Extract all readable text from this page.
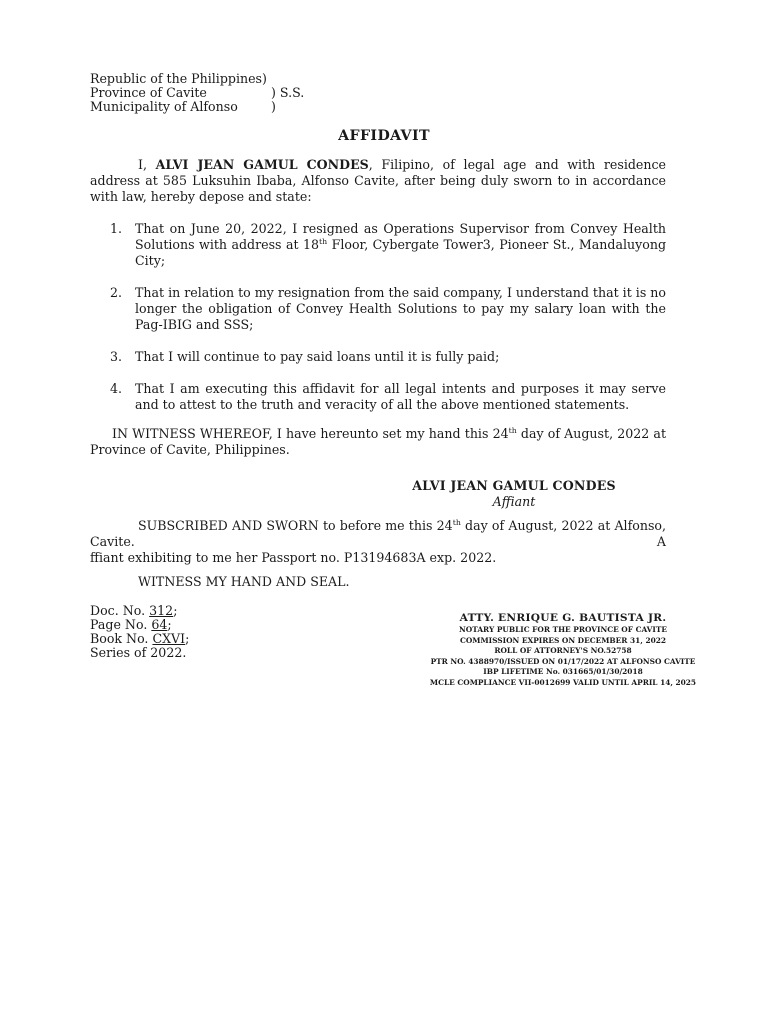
Republic of the Philippines)
Province of Cavite	) S.S.
Municipality of Alfonso	)
AFFIDAVIT

I, ALVI JEAN GAMUL CONDES, Filipino, of legal age and with residence address at 585 Luksuhin Ibaba, Alfonso Cavite, after being duly sworn to in accordance with law, hereby depose and state:

1.	That on June 20, 2022, I resigned as Operations Supervisor from Convey Health Solutions with address at 18th Floor, Cybergate Tower3, Pioneer St., Mandaluyong City;
2.	That in relation to my resignation from the said company, I understand that it is no longer the obligation of Convey Health Solutions to pay my salary loan with the Pag-IBIG and SSS;
3.	That I will continue to pay said loans until it is fully paid;
4.	That I am executing this affidavit for all legal intents and purposes it may serve and to attest to the truth and veracity of all the above mentioned statements.

IN WITNESS WHEREOF, I have hereunto set my hand this 24th day of August, 2022 at Province of Cavite, Philippines.

ALVI JEAN GAMUL CONDES
Affiant
SUBSCRIBED AND SWORN to before me this 24th day of August, 2022 at Alfonso, Cavite. A
ffiant exhibiting to me her Passport no. P13194683A exp. 2022.
WITNESS MY HAND AND SEAL.
Doc. No. 312;
Page No. 64;
Book No. CXVI;
Series of 2022.
ATTY. ENRIQUE G. BAUTISTA JR.
NOTARY PUBLIC FOR THE PROVINCE OF CAVITE
COMMISSION EXPIRES ON DECEMBER 31, 2022
ROLL OF ATTORNEY'S NO.52758
PTR NO. 4388970/ISSUED ON 01/17/2022 AT ALFONSO CAVITE
IBP LIFETIME No. 031665/01/30/2018
MCLE COMPLIANCE VII-0012699 VALID UNTIL APRIL 14, 2025
